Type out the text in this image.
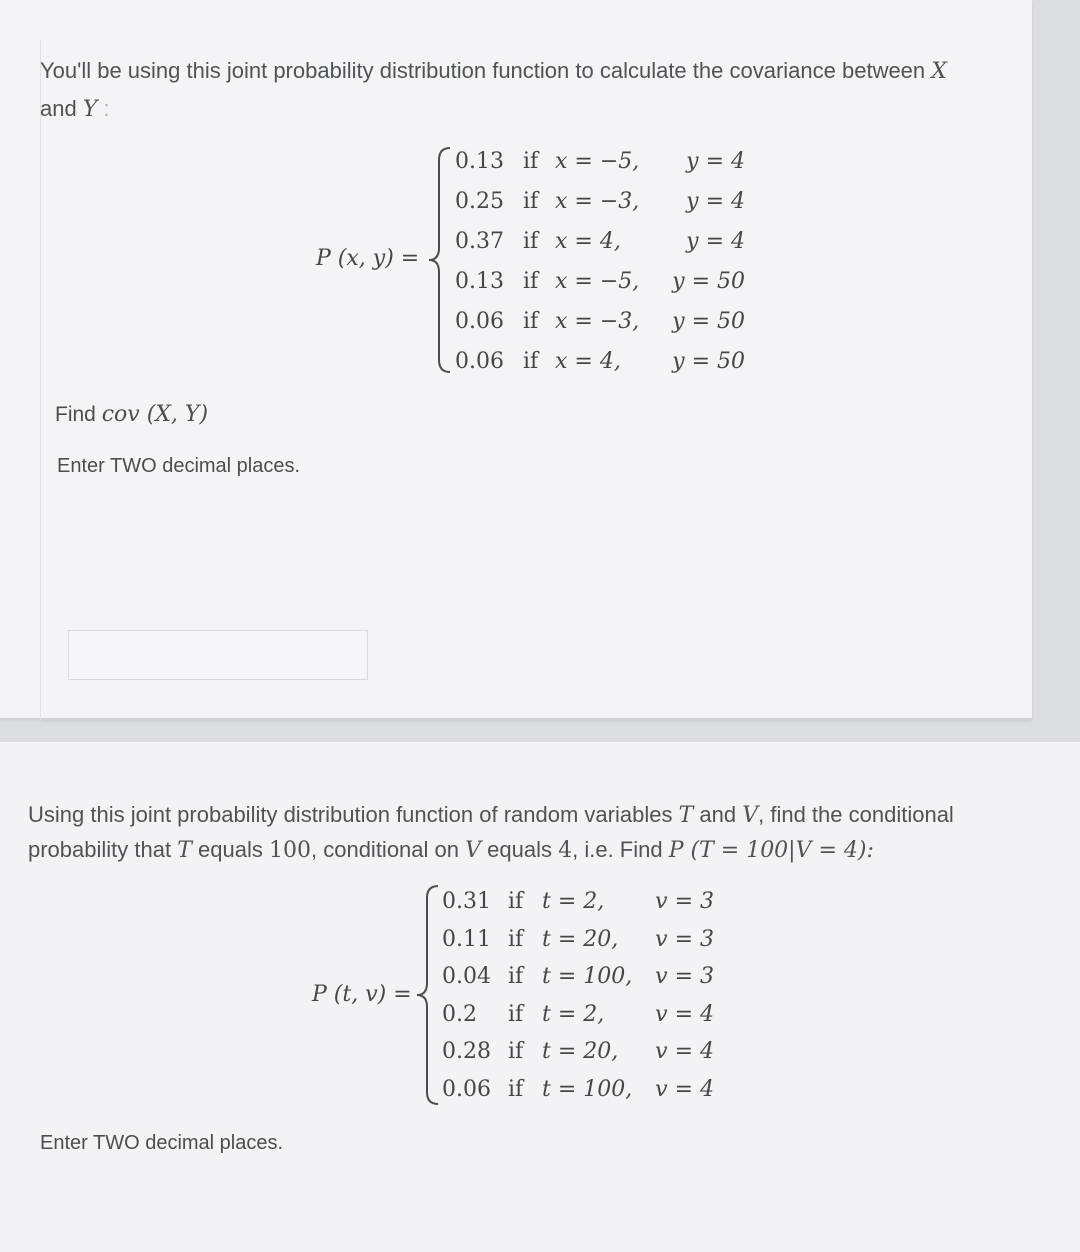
You'll be using this joint probability distribution function to calculate the covariance between X
and Y :
P (x, y) =
0.13 if x = −5, y = 4
0.25 if x = −3, y = 4
0.37 if x = 4,	y = 4
0.13 if x = −5, y = 50
0.06 if x = −3, y = 50
0.06 if x = 4, y = 50
Find cov (X, Y)
Enter TWO decimal places.
Using this joint probability distribution function of random variables T and V, find the conditional
probability that T equals 100, conditional on V equals 4, i.e. Find P (T = 100|V = 4):
P (t, v) =
0.31 if t = 2, v = 3
0.11 if t = 20, v = 3
0.04 if t = 100, v = 3
0.2 if t = 2, v = 4
0.28 if t = 20, v = 4
0.06 if t = 100, v = 4
Enter TWO decimal places.
